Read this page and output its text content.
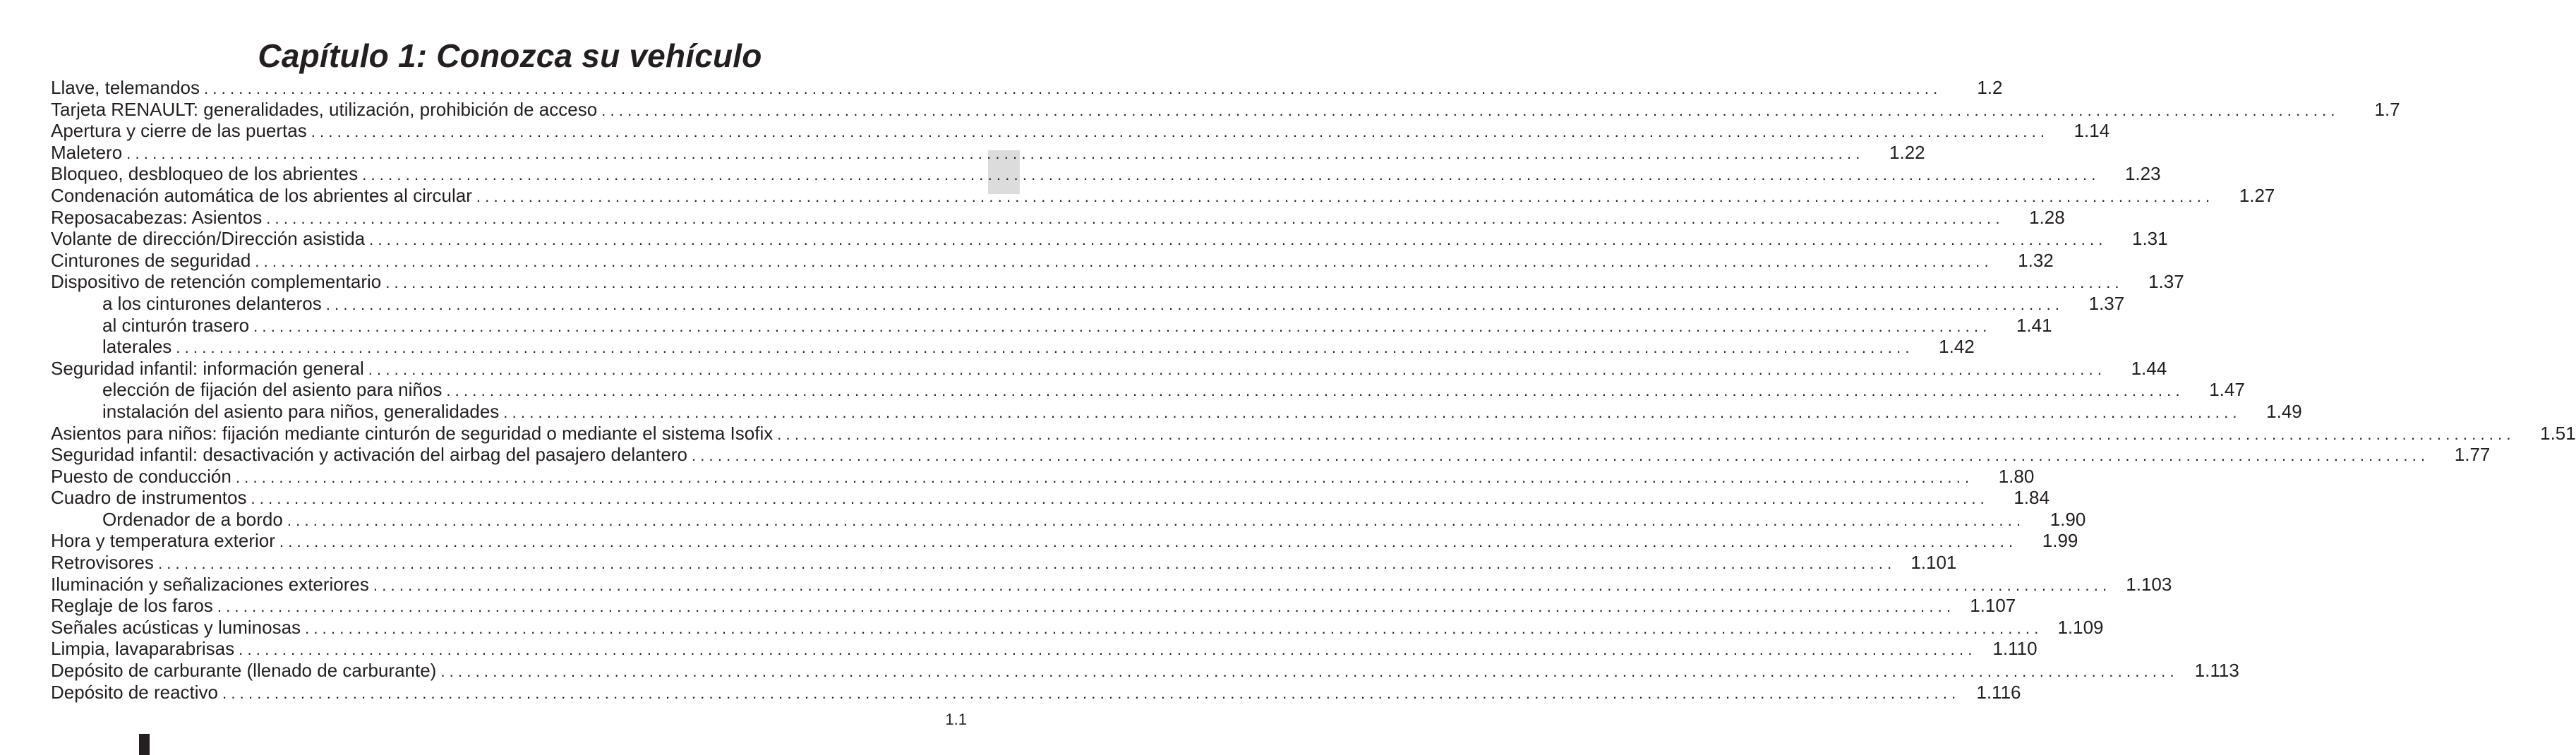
Capítulo 1: Conozca su vehículo
Llave, telemandos ........................................................................................................................................................................................................	1.2
Tarjeta RENAULT: generalidades, utilización, prohibición de acceso ........................................................................................................................................................................................................	1.7
Apertura y cierre de las puertas ........................................................................................................................................................................................................	1.14
Maletero ........................................................................................................................................................................................................	1.22
Bloqueo, desbloqueo de los abrientes ........................................................................................................................................................................................................	1.23
Condenación automática de los abrientes al circular ........................................................................................................................................................................................................	1.27
Reposacabezas: Asientos ........................................................................................................................................................................................................	1.28
Volante de dirección/Dirección asistida ........................................................................................................................................................................................................	1.31
Cinturones de seguridad ........................................................................................................................................................................................................	1.32
Dispositivo de retención complementario ........................................................................................................................................................................................................	1.37
a los cinturones delanteros ........................................................................................................................................................................................................	1.37
al cinturón trasero ........................................................................................................................................................................................................	1.41
laterales ........................................................................................................................................................................................................	1.42
Seguridad infantil: información general ........................................................................................................................................................................................................	1.44
elección de fijación del asiento para niños ........................................................................................................................................................................................................	1.47
instalación del asiento para niños, generalidades ........................................................................................................................................................................................................	1.49
Asientos para niños: fijación mediante cinturón de seguridad o mediante el sistema Isofix ........................................................................................................................................................................................................	1.51
Seguridad infantil: desactivación y activación del airbag del pasajero delantero ........................................................................................................................................................................................................	1.77
Puesto de conducción ........................................................................................................................................................................................................	1.80
Cuadro de instrumentos ........................................................................................................................................................................................................	1.84
Ordenador de a bordo ........................................................................................................................................................................................................	1.90
Hora y temperatura exterior ........................................................................................................................................................................................................	1.99
Retrovisores ........................................................................................................................................................................................................ 1.101
Iluminación y señalizaciones exteriores ........................................................................................................................................................................................................ 1.103
Reglaje de los faros ........................................................................................................................................................................................................ 1.107
Señales acústicas y luminosas ........................................................................................................................................................................................................ 1.109
Limpia, lavaparabrisas ........................................................................................................................................................................................................ 1.110
Depósito de carburante (llenado de carburante) ........................................................................................................................................................................................................ 1.113
Depósito de reactivo ........................................................................................................................................................................................................ 1.116
1.1
